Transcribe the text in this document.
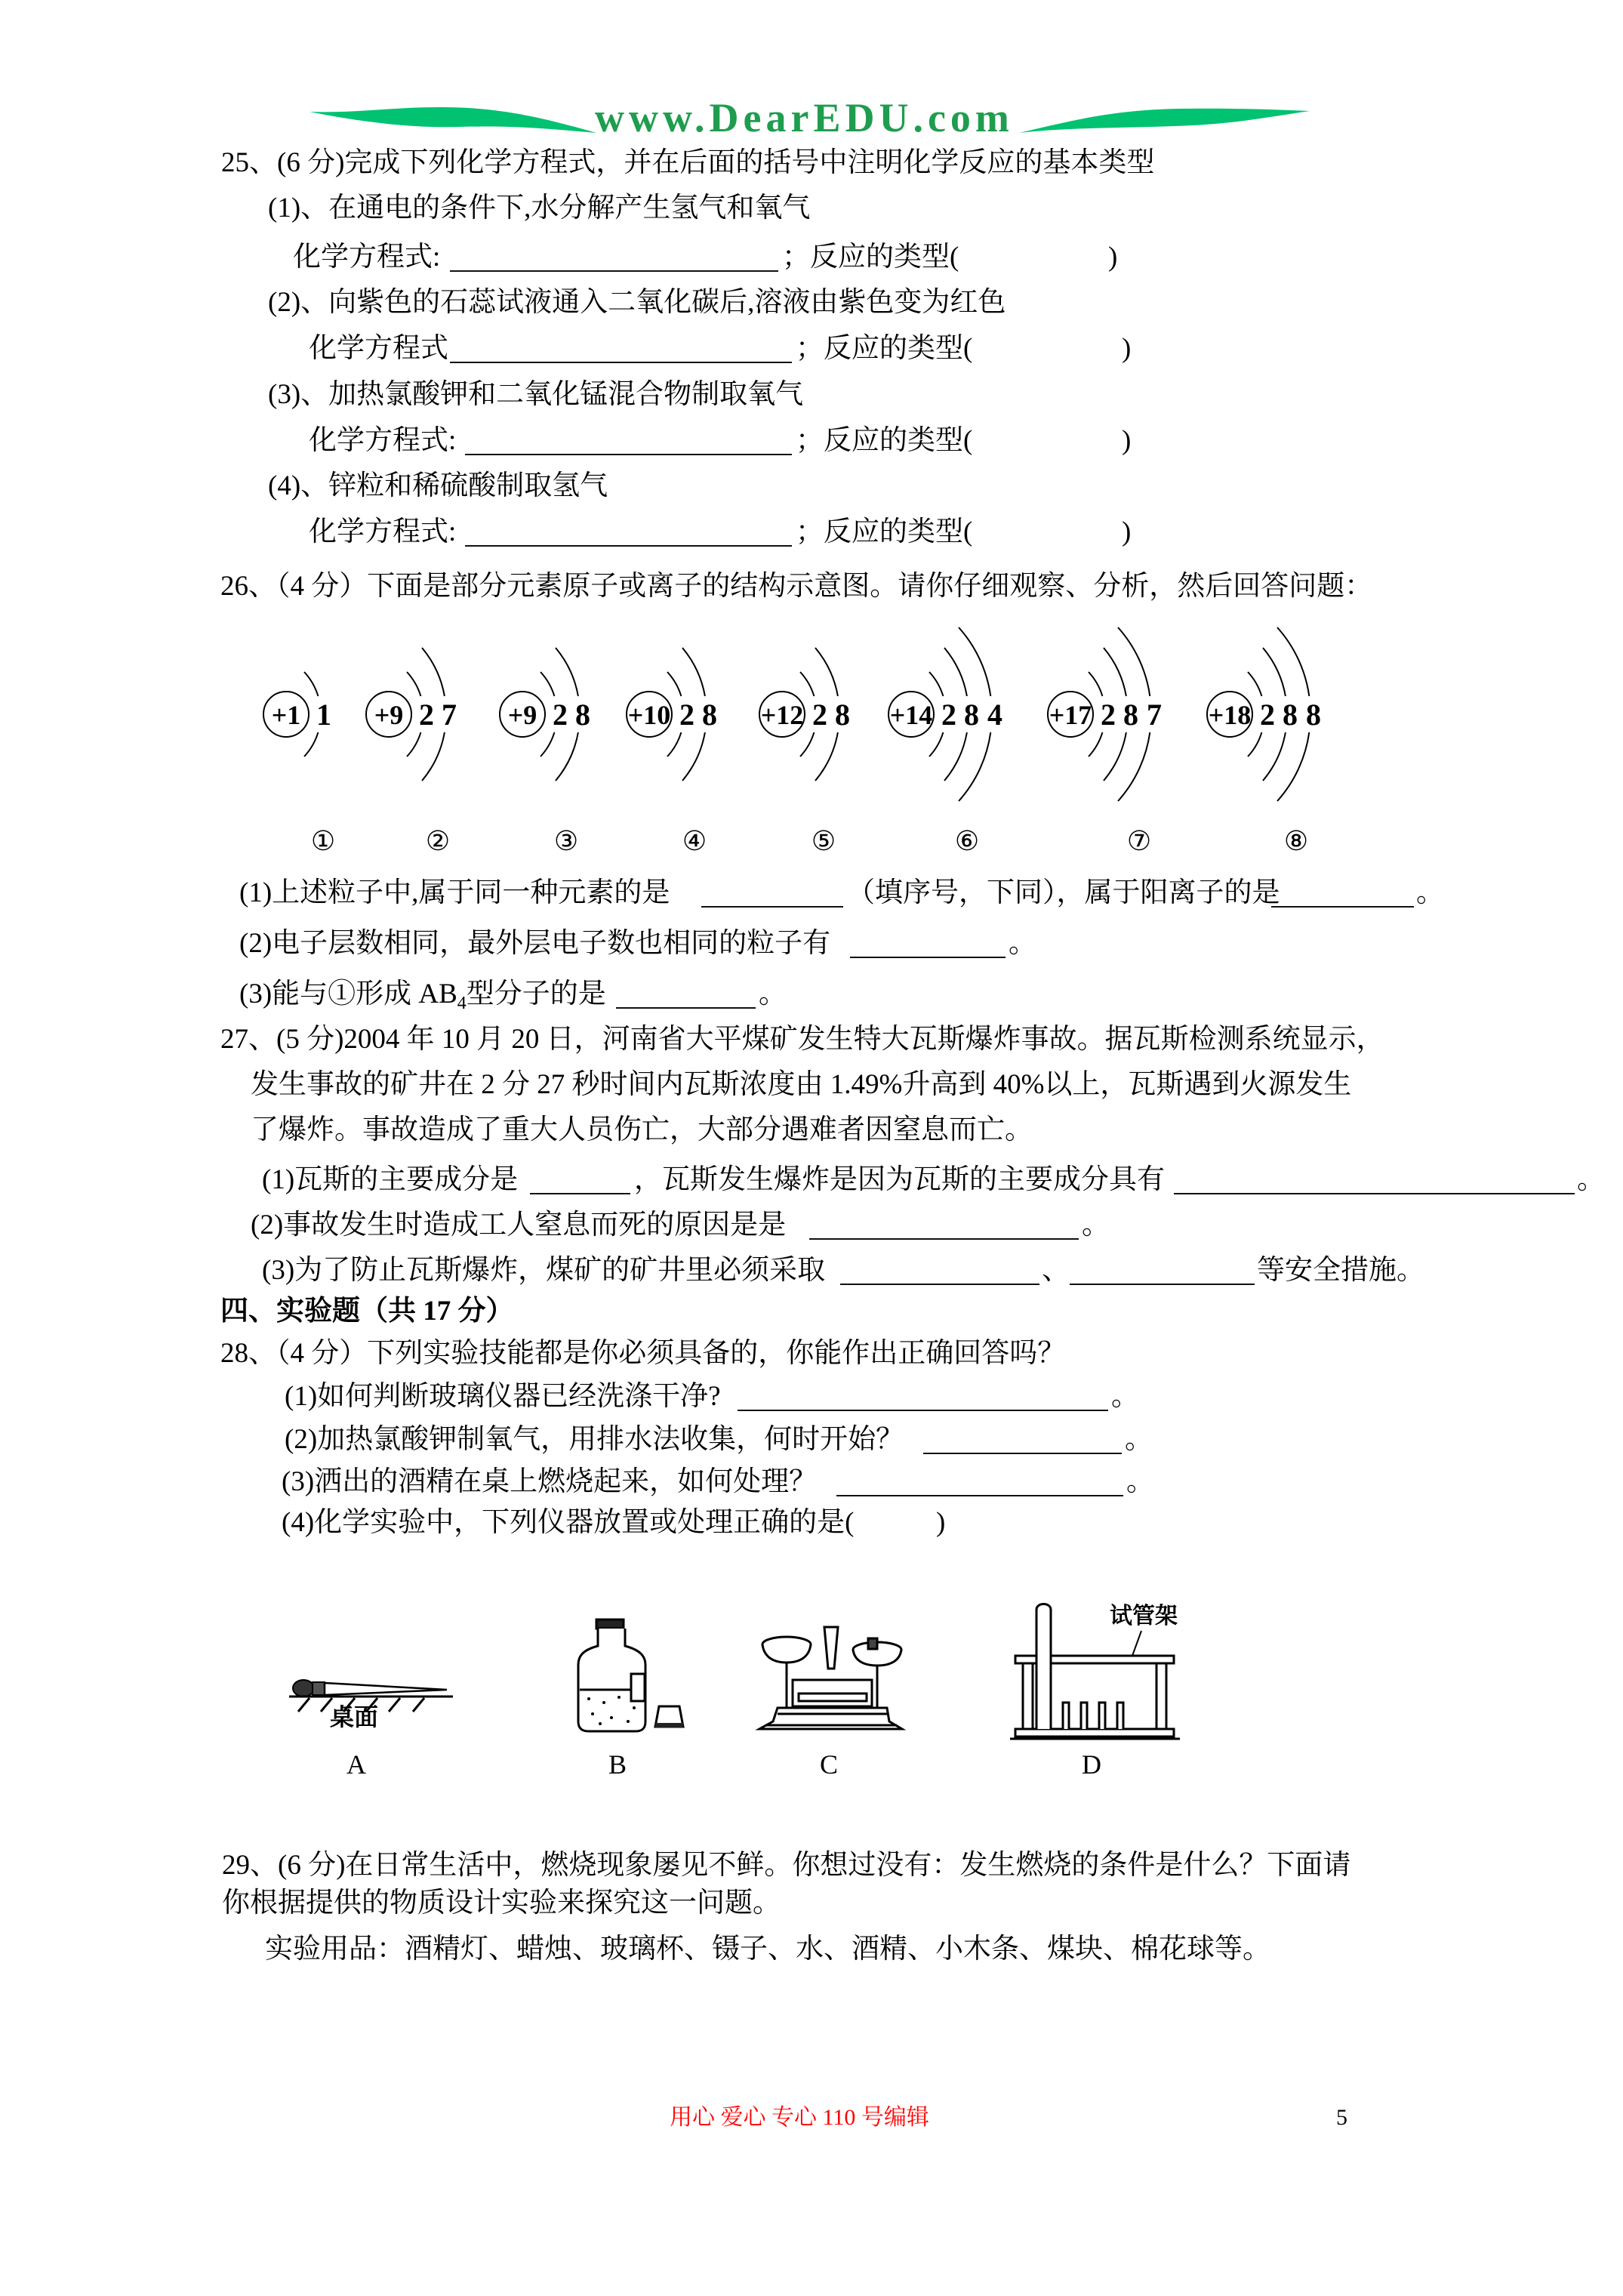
www.DearEDU.com
25、(6 分)完成下列化学方程式，并在后面的括号中注明化学反应的基本类型
(1)、在通电的条件下,水分解产生氢气和氧气
化学方程式:	；反应的类型(	)
(2)、向紫色的石蕊试液通入二氧化碳后,溶液由紫色变为红色
化学方程式	；反应的类型(	)
(3)、加热氯酸钾和二氧化锰混合物制取氧气
化学方程式:	；反应的类型(	)
(4)、锌粒和稀硫酸制取氢气
化学方程式:	；反应的类型(	)
26、（4 分）下面是部分元素原子或离子的结构示意图。请你仔细观察、分析，然后回答问题：
+1 1
①
+9 2 7
②
+9 2 8
③
+10 2 8
④
+12 2 8
⑤
+14 2 8 4
⑥
+17 2 8 7
⑦
+18 2 8 8
⑧
(1)上述粒子中,属于同一种元素的是	（填序号，下同），属于阳离子的是	。
(2)电子层数相同，最外层电子数也相同的粒子有	。
(3)能与①形成 $AB_4$型分子的是	。
27、(5 分)2004 年 10 月 20 日，河南省大平煤矿发生特大瓦斯爆炸事故。据瓦斯检测系统显示，
发生事故的矿井在 2 分 27 秒时间内瓦斯浓度由 1.49%升高到 40%以上，瓦斯遇到火源发生
了爆炸。事故造成了重大人员伤亡，大部分遇难者因窒息而亡。
(1)瓦斯的主要成分是	，瓦斯发生爆炸是因为瓦斯的主要成分具有	。
(2)事故发生时造成工人窒息而死的原因是是	。
(3)为了防止瓦斯爆炸，煤矿的矿井里必须采取	、	等安全措施。
四、实验题（共 17 分）
28、（4 分）下列实验技能都是你必须具备的，你能作出正确回答吗？
(1)如何判断玻璃仪器已经洗涤干净?	。
(2)加热氯酸钾制氧气，用排水法收集，何时开始？	。
(3)洒出的酒精在桌上燃烧起来，如何处理？	。
(4)化学实验中，下列仪器放置或处理正确的是(	)
桌面
A	B	C
试管架
D
29、(6 分)在日常生活中，燃烧现象屡见不鲜。你想过没有：发生燃烧的条件是什么？下面请
你根据提供的物质设计实验来探究这一问题。
实验用品：酒精灯、蜡烛、玻璃杯、镊子、水、酒精、小木条、煤块、棉花球等。
用心 爱心 专心 110 号编辑	5
